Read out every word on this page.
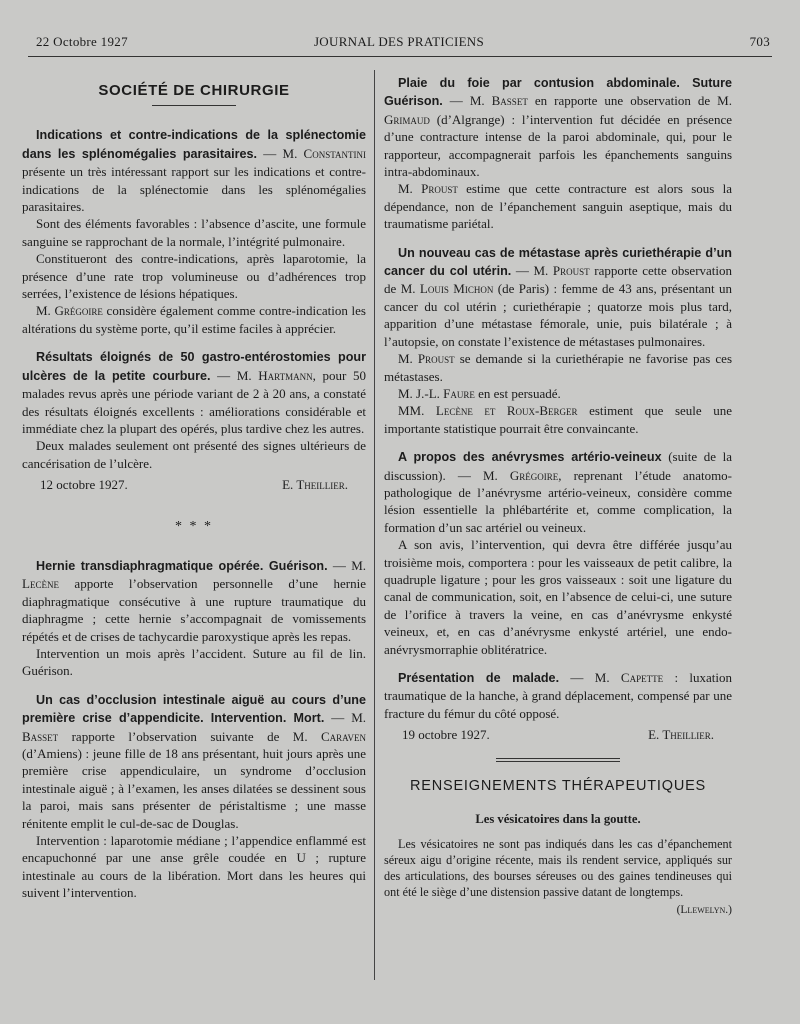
22 Octobre 1927	JOURNAL DES PRATICIENS	703
SOCIÉTÉ DE CHIRURGIE

Indications et contre-indications de la splénectomie dans les splénomégalies parasitaires. — M. Constantini présente un très intéressant rapport sur les indications et contre-indications de la splénectomie dans les splénomégalies parasitaires.

Sont des éléments favorables : l’absence d’ascite, une formule sanguine se rapprochant de la normale, l’intégrité pulmonaire.

Constitueront des contre-indications, après laparotomie, la présence d’une rate trop volumineuse ou d’adhérences trop serrées, l’existence de lésions hépatiques.

M. Grégoire considère également comme contre-indication les altérations du système porte, qu’il estime faciles à apprécier.

Résultats éloignés de 50 gastro-entérostomies pour ulcères de la petite courbure. — M. Hartmann, pour 50 malades revus après une période variant de 2 à 20 ans, a constaté des résultats éloignés excellents : améliorations considérable et immédiate chez la plupart des opérés, plus tardive chez les autres.

Deux malades seulement ont présenté des signes ultérieurs de cancérisation de l’ulcère.

12 octobre 1927.	E. Theillier.
* * *

Hernie transdiaphragmatique opérée. Guérison. — M. Lecène apporte l’observation personnelle d’une hernie diaphragmatique consécutive à une rupture traumatique du diaphragme ; cette hernie s’accompagnait de vomissements répétés et de crises de tachycardie paroxystique après les repas.

Intervention un mois après l’accident. Suture au fil de lin. Guérison.

Un cas d’occlusion intestinale aiguë au cours d’une première crise d’appendicite. Intervention. Mort. — M. Basset rapporte l’observation suivante de M. Caraven (d’Amiens) : jeune fille de 18 ans présentant, huit jours après une première crise appendiculaire, un syndrome d’occlusion intestinale aiguë ; à l’examen, les anses dilatées se dessinent sous la paroi, mais sans présenter de péristaltisme ; une masse rénitente emplit le cul-de-sac de Douglas.

Intervention : laparotomie médiane ; l’appendice enflammé est encapuchonné par une anse grêle coudée en U ; rupture intestinale au cours de la libération. Mort dans les heures qui suivent l’intervention.

Plaie du foie par contusion abdominale. Suture Guérison. — M. Basset en rapporte une observation de M. Grimaud (d’Algrange) : l’intervention fut décidée en présence d’une contracture intense de la paroi abdominale, qui, pour le rapporteur, accompagnerait parfois les épanchements sanguins intra-abdominaux.

M. Proust estime que cette contracture est alors sous la dépendance, non de l’épanchement sanguin aseptique, mais du traumatisme pariétal.

Un nouveau cas de métastase après curiethérapie d’un cancer du col utérin. — M. Proust rapporte cette observation de M. Louis Michon (de Paris) : femme de 43 ans, présentant un cancer du col utérin ; curiethérapie ; quatorze mois plus tard, apparition d’une métastase fémorale, unie, puis bilatérale ; à l’autopsie, on constate l’existence de métastases pulmonaires.

M. Proust se demande si la curiethérapie ne favorise pas ces métastases.

M. J.-L. Faure en est persuadé.

MM. Lecène et Roux-Berger estiment que seule une importante statistique pourrait être convaincante.

A propos des anévrysmes artério-veineux (suite de la discussion). — M. Grégoire, reprenant l’étude anatomo-pathologique de l’anévrysme artério-veineux, considère comme lésion essentielle la phlébartérite et, comme complication, la formation d’un sac artériel ou veineux.

A son avis, l’intervention, qui devra être différée jusqu’au troisième mois, comportera : pour les vaisseaux de petit calibre, la quadruple ligature ; pour les gros vaisseaux : soit une ligature du canal de communication, soit, en l’absence de celui-ci, une suture de l’orifice à travers la veine, en cas d’anévrysme enkysté veineux, et, en cas d’anévrysme enkysté artériel, une endo-anévrysmorraphie oblitératrice.

Présentation de malade. — M. Capette : luxation traumatique de la hanche, à grand déplacement, compensé par une fracture du fémur du côté opposé.

19 octobre 1927.	E. Theillier.
RENSEIGNEMENTS THÉRAPEUTIQUES
Les vésicatoires dans la goutte.

Les vésicatoires ne sont pas indiqués dans les cas d’épanchement séreux aigu d’origine récente, mais ils rendent service, appliqués sur des articulations, des bourses séreuses ou des gaines tendineuses qui ont été le siège d’une distension passive datant de longtemps.

(Llewelyn.)
